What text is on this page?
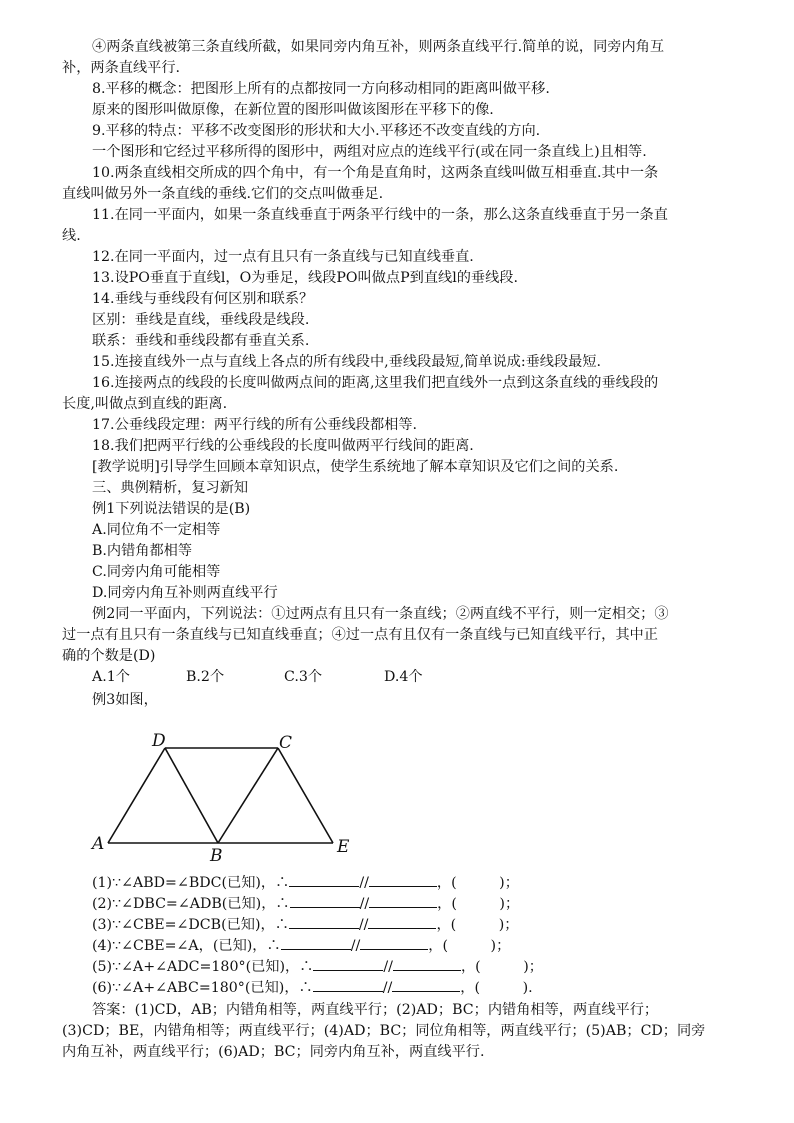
④两条直线被第三条直线所截，如果同旁内角互补，则两条直线平行.简单的说，同旁内角互
补，两条直线平行.
8.平移的概念：把图形上所有的点都按同一方向移动相同的距离叫做平移.
原来的图形叫做原像，在新位置的图形叫做该图形在平移下的像.
9.平移的特点：平移不改变图形的形状和大小.平移还不改变直线的方向.
一个图形和它经过平移所得的图形中，两组对应点的连线平行(或在同一条直线上)且相等.
10.两条直线相交所成的四个角中，有一个角是直角时，这两条直线叫做互相垂直.其中一条
直线叫做另外一条直线的垂线.它们的交点叫做垂足.
11.在同一平面内，如果一条直线垂直于两条平行线中的一条，那么这条直线垂直于另一条直
线.
12.在同一平面内，过一点有且只有一条直线与已知直线垂直.
13.设PO垂直于直线l，O为垂足，线段PO叫做点P到直线l的垂线段.
14.垂线与垂线段有何区别和联系？
区别：垂线是直线，垂线段是线段.
联系：垂线和垂线段都有垂直关系.
15.连接直线外一点与直线上各点的所有线段中,垂线段最短,简单说成:垂线段最短.
16.连接两点的线段的长度叫做两点间的距离,这里我们把直线外一点到这条直线的垂线段的
长度,叫做点到直线的距离.
17.公垂线段定理：两平行线的所有公垂线段都相等.
18.我们把两平行线的公垂线段的长度叫做两平行线间的距离.
[教学说明]引导学生回顾本章知识点，使学生系统地了解本章知识及它们之间的关系.
三、典例精析，复习新知
例1下列说法错误的是(B)
A.同位角不一定相等
B.内错角都相等
C.同旁内角可能相等
D.同旁内角互补则两直线平行
例2同一平面内，下列说法：①过两点有且只有一条直线；②两直线不平行，则一定相交；③
过一点有且只有一条直线与已知直线垂直；④过一点有且仅有一条直线与已知直线平行，其中正
确的个数是(D)
A.1个	B.2个	C.3个	D.4个
例3如图，
A
B
C
D
E
(1)∵∠ABD=∠BDC(已知)，∴	//	，(　　　)；
(2)∵∠DBC=∠ADB(已知)，∴	//	，(　　　)；
(3)∵∠CBE=∠DCB(已知)，∴	//	，(　　　)；
(4)∵∠CBE=∠A，(已知)，∴	//	，(　　　)；
(5)∵∠A+∠ADC=180°(已知)，∴	//	，(　　　)；
(6)∵∠A+∠ABC=180°(已知)，∴	//	，(　　　).
答案：(1)CD，AB；内错角相等，两直线平行；(2)AD；BC；内错角相等，两直线平行；
(3)CD；BE，内错角相等；两直线平行；(4)AD；BC；同位角相等，两直线平行；(5)AB；CD；同旁
内角互补，两直线平行；(6)AD；BC；同旁内角互补，两直线平行.
